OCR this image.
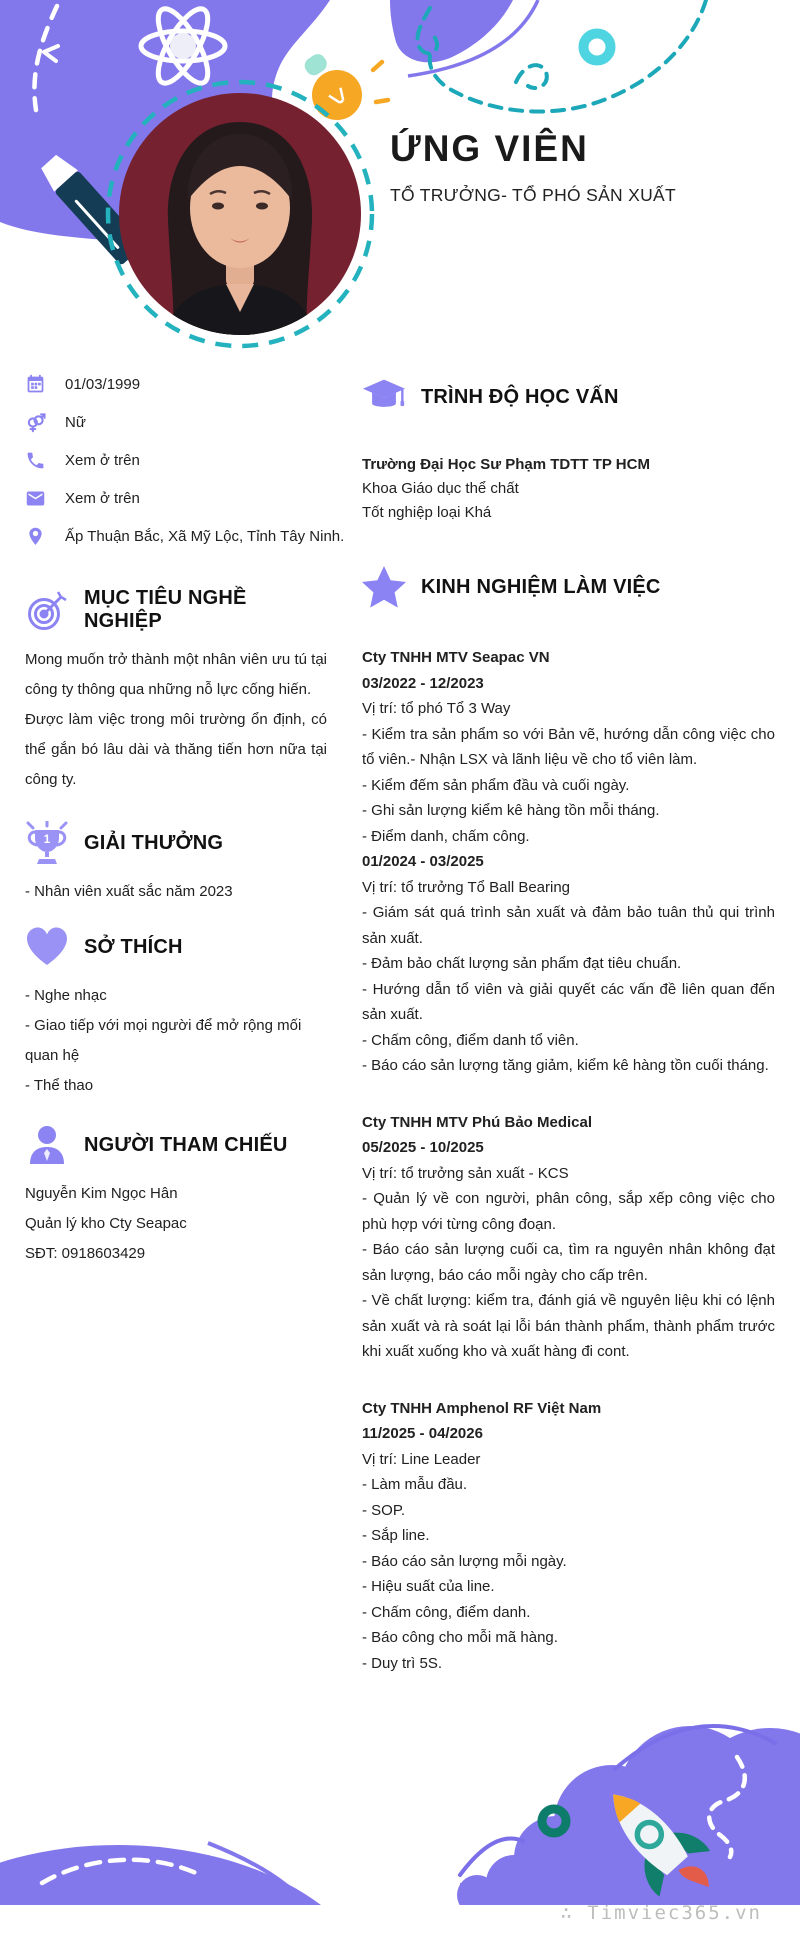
ỨNG VIÊN
TỔ TRƯỞNG- TỔ PHÓ SẢN XUẤT
01/03/1999
Nữ
Xem ở trên
Xem ở trên
Ấp Thuận Bắc, Xã Mỹ Lộc, Tỉnh Tây Ninh.
MỤC TIÊU NGHỀ NGHIỆP

Mong muốn trở thành một nhân viên ưu tú tại công ty thông qua những nỗ lực cống hiến.

Được làm việc trong môi trường ổn định, có thể gắn bó lâu dài và thăng tiến hơn nữa tại công ty.

1 GIẢI THƯỞNG

- Nhân viên xuất sắc năm 2023

SỞ THÍCH

- Nghe nhạc

- Giao tiếp với mọi người để mở rộng mối quan hệ

- Thể thao

NGƯỜI THAM CHIẾU

Nguyễn Kim Ngọc Hân

Quản lý kho Cty Seapac

SĐT: 0918603429

TRÌNH ĐỘ HỌC VẤN
Trường Đại Học Sư Phạm TDTT TP HCM
Khoa Giáo dục thể chất
Tốt nghiệp loại Khá
KINH NGHIỆM LÀM VIỆC

Cty TNHH MTV Seapac VN

03/2022 - 12/2023

Vị trí: tổ phó Tổ 3 Way

- Kiểm tra sản phẩm so với Bản vẽ, hướng dẫn công việc cho tổ viên.- Nhận LSX và lãnh liệu về cho tổ viên làm.

- Kiểm đếm sản phẩm đầu và cuối ngày.

- Ghi sản lượng kiểm kê hàng tồn mỗi tháng.

- Điểm danh, chấm công.

01/2024 - 03/2025

Vị trí: tổ trưởng Tổ Ball Bearing

- Giám sát quá trình sản xuất và đảm bảo tuân thủ qui trình sản xuất.

- Đảm bảo chất lượng sản phẩm đạt tiêu chuẩn.

- Hướng dẫn tổ viên và giải quyết các vấn đề liên quan đến sản xuất.

- Chấm công, điểm danh tổ viên.

- Báo cáo sản lượng tăng giảm, kiểm kê hàng tồn cuối tháng.

Cty TNHH MTV Phú Bảo Medical

05/2025 - 10/2025

Vị trí: tổ trưởng sản xuất - KCS

- Quản lý về con người, phân công, sắp xếp công việc cho phù hợp với từng công đoạn.

- Báo cáo sản lượng cuối ca, tìm ra nguyên nhân không đạt sản lượng, báo cáo mỗi ngày cho cấp trên.

- Về chất lượng: kiểm tra, đánh giá về nguyên liệu khi có lệnh sản xuất và rà soát lại lỗi bán thành phẩm, thành phẩm trước khi xuất xuống kho và xuất hàng đi cont.

Cty TNHH Amphenol RF Việt Nam

11/2025 - 04/2026

Vị trí: Line Leader

- Làm mẫu đầu.

- SOP.

- Sắp line.

- Báo cáo sản lượng mỗi ngày.

- Hiệu suất của line.

- Chấm công, điểm danh.

- Báo công cho mỗi mã hàng.

- Duy trì 5S.

∴ Timviec365.vn
